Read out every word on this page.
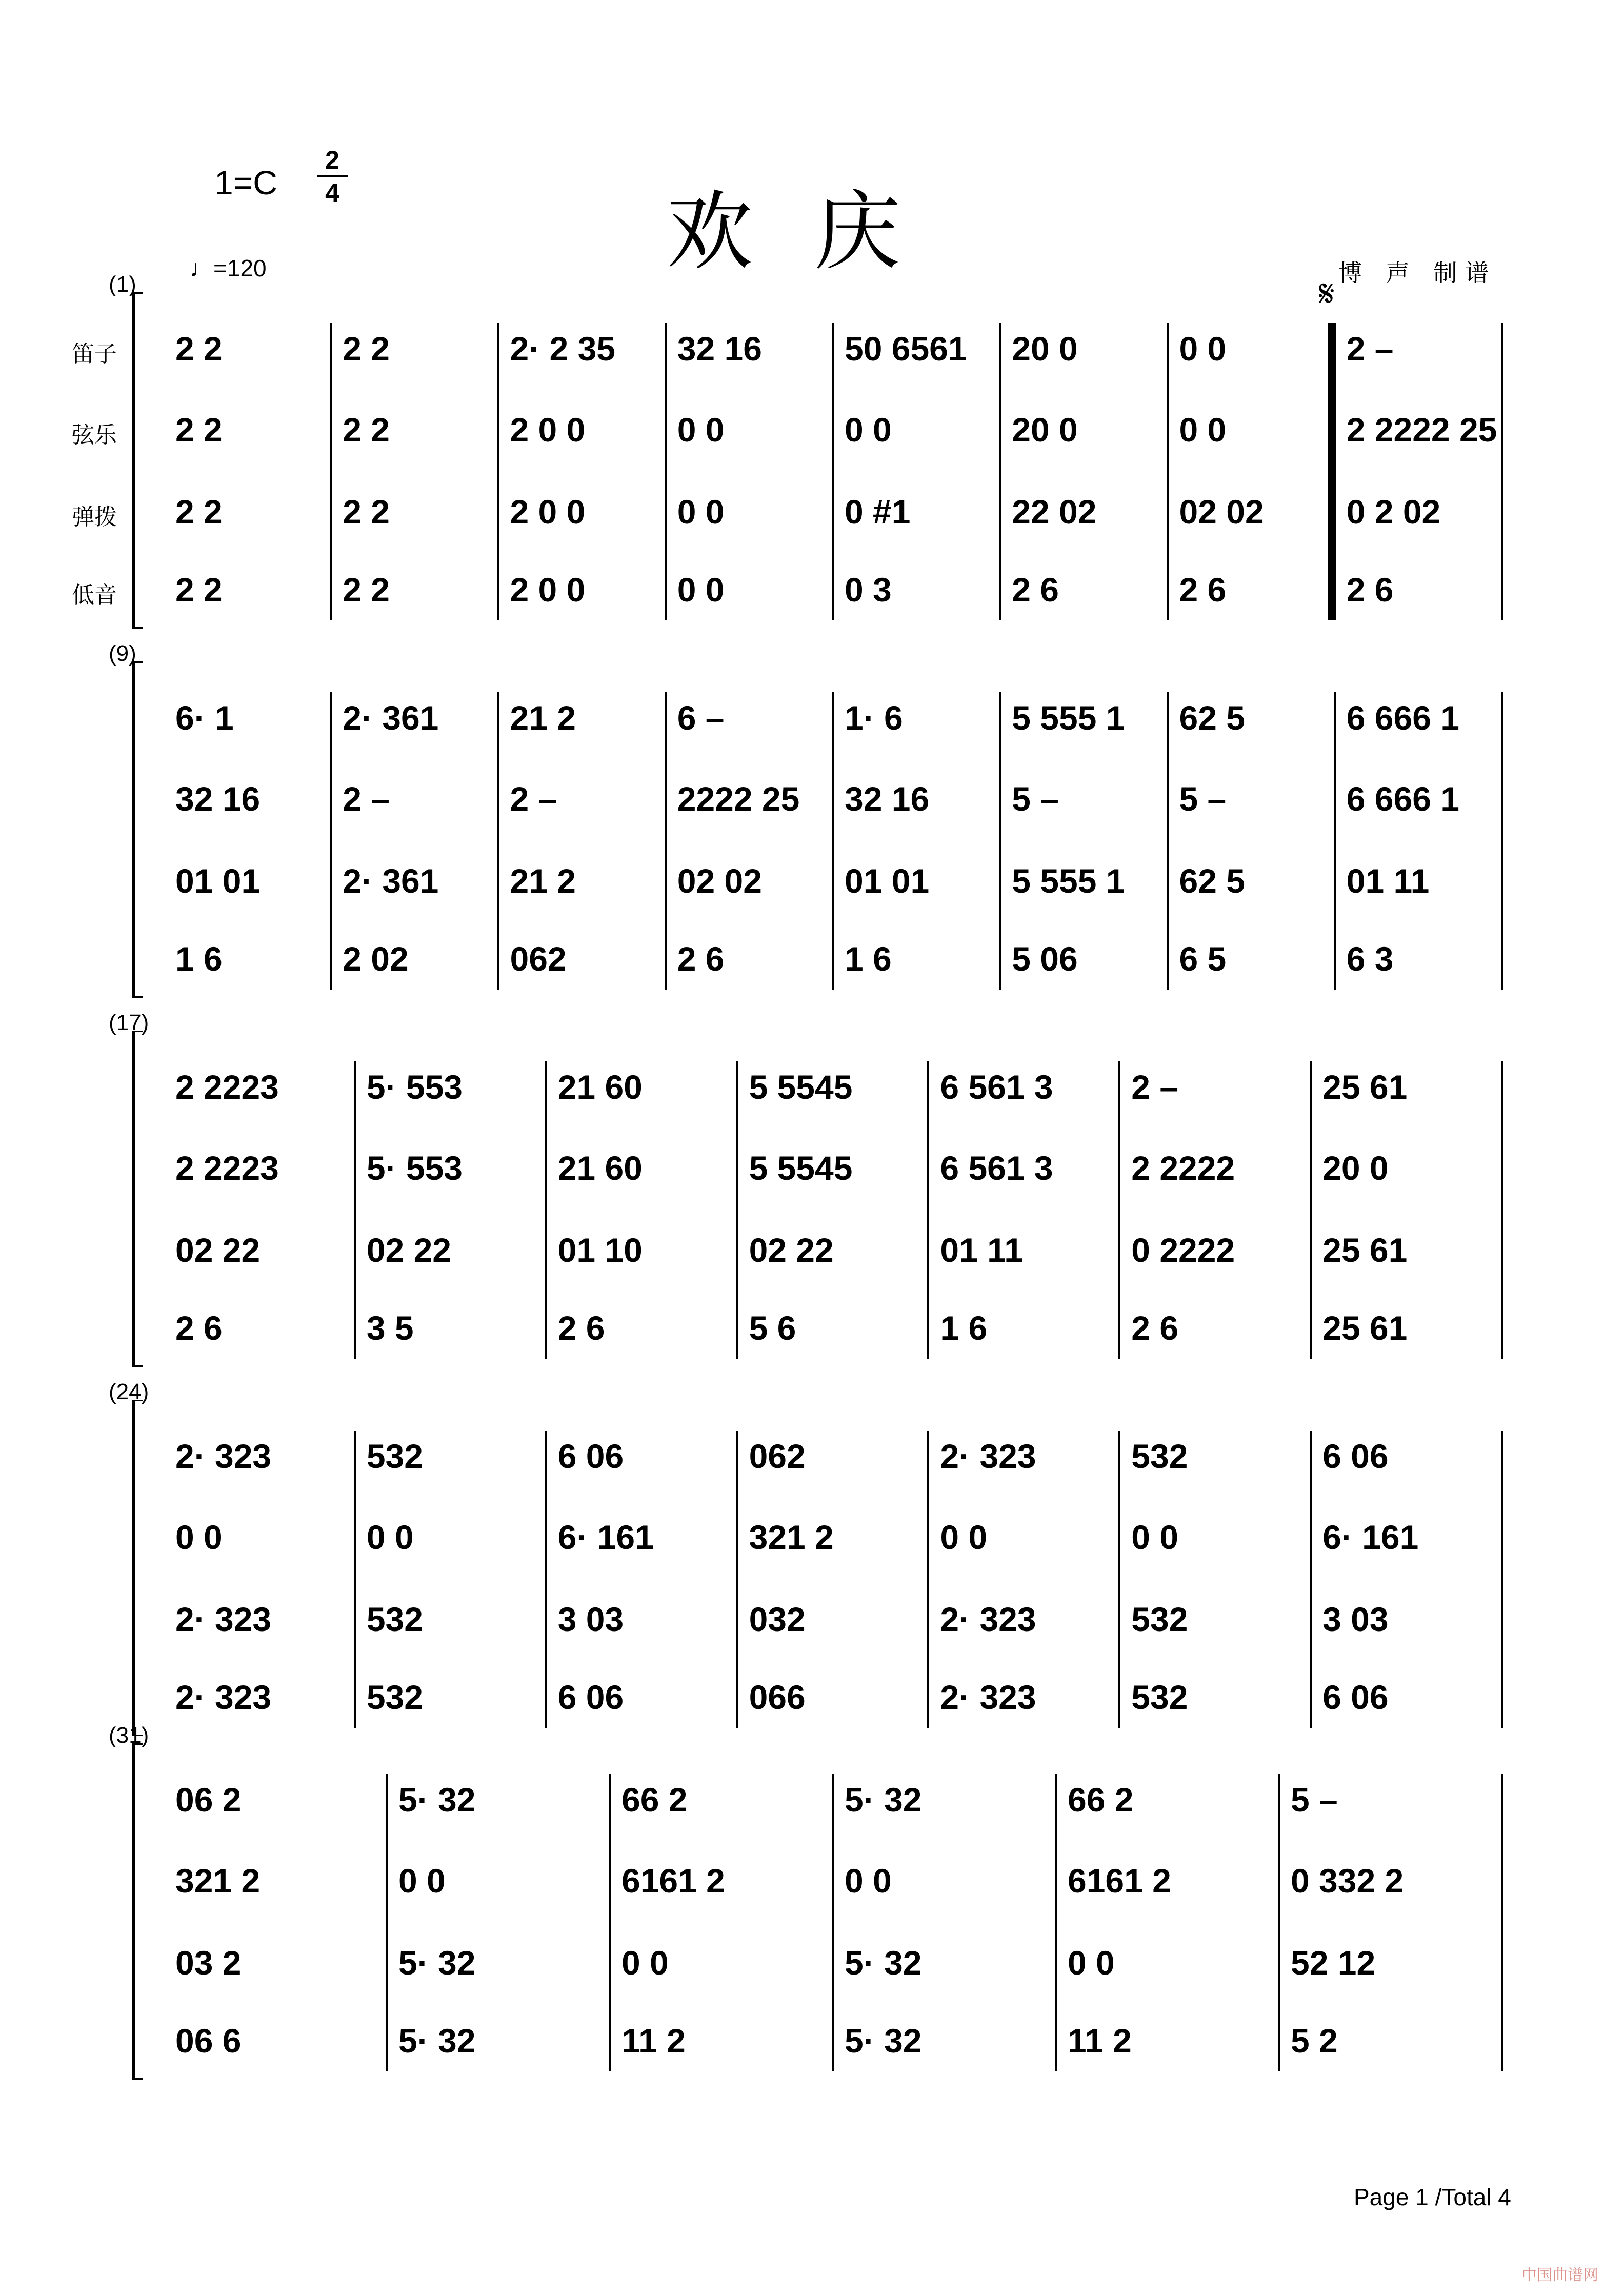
1=C
2
4	欢庆
♩=120	博 声 制谱
(1)
笛子
弦乐
弹拨
低音
2 2
2 2
2 2
2 2
2 2
2 2
2 2
2 2
2· 2 35
2 0 0
2 0 0
2 0 0
32 16
0 0
0 0
0 0
50 6561
0 0
0 #1
0 3
20 0
20 0
22 02
2 6
0 0
0 0
02 02
2 6
2 –
2 2222 25
0 2 02
2 6
𝄋
(9)
6· 1
32 16
01 01
1 6
2· 361
2 –
2· 361
2 02
21 2
2 –
21 2
062
6 –
2222 25
02 02
2 6
1· 6
32 16
01 01
1 6
5 555 1
5 –
5 555 1
5 06
62 5
5 –
62 5
6 5
6 666 1
6 666 1
01 11
6 3
(17)
2 2223
2 2223
02 22
2 6
5· 553
5· 553
02 22
3 5
21 60
21 60
01 10
2 6
5 5545
5 5545
02 22
5 6
6 561 3
6 561 3
01 11
1 6
2 –
2 2222
0 2222
2 6
25 61
20 0
25 61
25 61
(24)
2· 323
0 0
2· 323
2· 323
532
0 0
532
532
6 06
6· 161
3 03
6 06
062
321 2
032
066
2· 323
0 0
2· 323
2· 323
532
0 0
532
532
6 06
6· 161
3 03
6 06
(31)
06 2
321 2
03 2
06 6
5· 32
0 0
5· 32
5· 32
66 2
6161 2
0 0
11 2
5· 32
0 0
5· 32
5· 32
66 2
6161 2
0 0
11 2
5 –
0 332 2
52 12
5 2
Page 1 /Total 4
中国曲谱网
